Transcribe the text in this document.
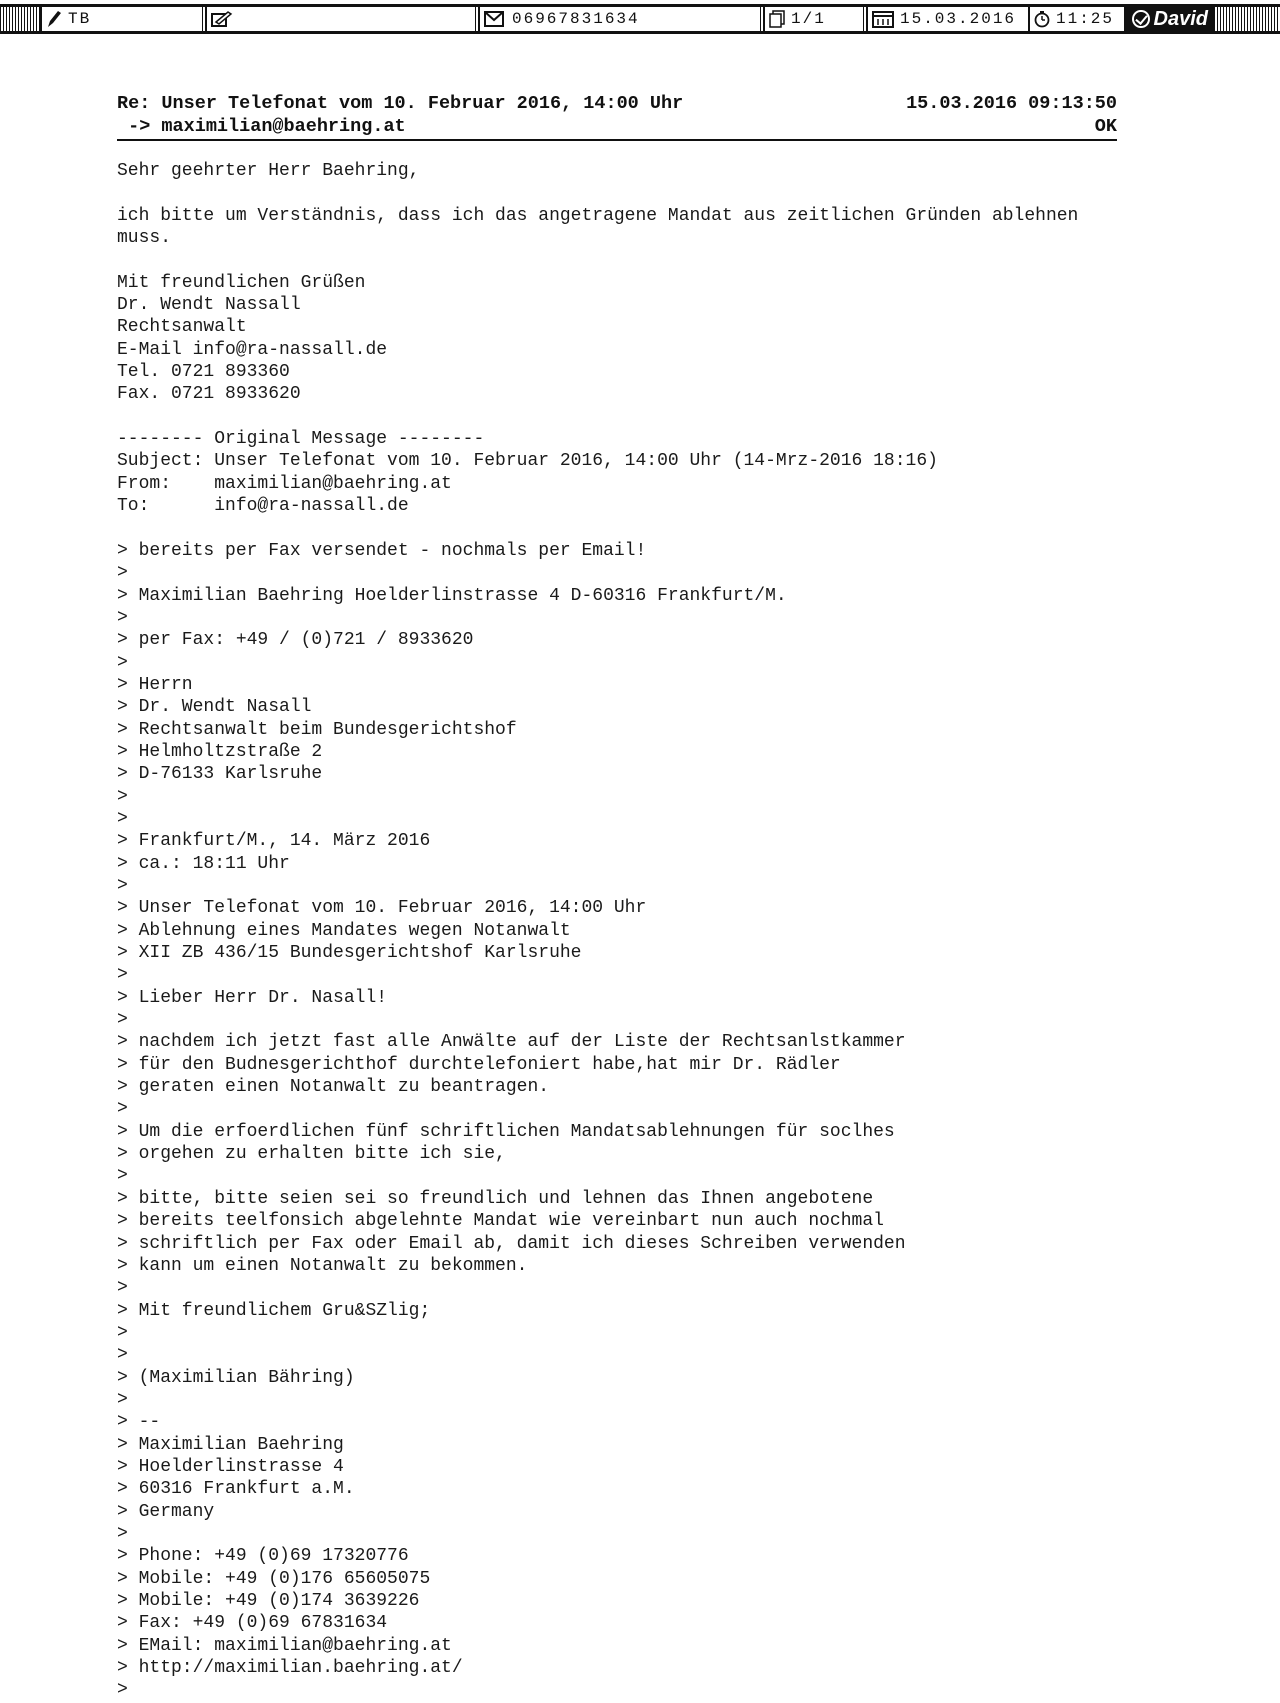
TB	06967831634	1/1	15.03.2016 11:25 David
Re: Unser Telefonat vom 10. Februar 2016, 14:00 Uhr	15.03.2016 09:13:50
-> maximilian@baehring.at	OK
Sehr geehrter Herr Baehring,
ich bitte um Verständnis, dass ich das angetragene Mandat aus zeitlichen Gründen ablehnen
muss.
Mit freundlichen Grüßen
Dr. Wendt Nassall
Rechtsanwalt
E-Mail info@ra-nassall.de
Tel. 0721 893360
Fax. 0721 8933620
-------- Original Message --------
Subject: Unser Telefonat vom 10. Februar 2016, 14:00 Uhr (14-Mrz-2016 18:16)
From:    maximilian@baehring.at
To:      info@ra-nassall.de
> bereits per Fax versendet - nochmals per Email!
>
> Maximilian Baehring Hoelderlinstrasse 4 D-60316 Frankfurt/M.
>
> per Fax: +49 / (0)721 / 8933620
>
> Herrn
> Dr. Wendt Nasall
> Rechtsanwalt beim Bundesgerichtshof
> Helmholtzstraße 2
> D-76133 Karlsruhe
>
>
> Frankfurt/M., 14. März 2016
> ca.: 18:11 Uhr
>
> Unser Telefonat vom 10. Februar 2016, 14:00 Uhr
> Ablehnung eines Mandates wegen Notanwalt
> XII ZB 436/15 Bundesgerichtshof Karlsruhe
>
> Lieber Herr Dr. Nasall!
>
> nachdem ich jetzt fast alle Anwälte auf der Liste der Rechtsanlstkammer
> für den Budnesgerichthof durchtelefoniert habe,hat mir Dr. Rädler
> geraten einen Notanwalt zu beantragen.
>
> Um die erfoerdlichen fünf schriftlichen Mandatsablehnungen für soclhes
> orgehen zu erhalten bitte ich sie,
>
> bitte, bitte seien sei so freundlich und lehnen das Ihnen angebotene
> bereits teelfonsich abgelehnte Mandat wie vereinbart nun auch nochmal
> schriftlich per Fax oder Email ab, damit ich dieses Schreiben verwenden
> kann um einen Notanwalt zu bekommen.
>
> Mit freundlichem Gru&SZlig;
>
>
> (Maximilian Bähring)
>
> --
> Maximilian Baehring
> Hoelderlinstrasse 4
> 60316 Frankfurt a.M.
> Germany
>
> Phone: +49 (0)69 17320776
> Mobile: +49 (0)176 65605075
> Mobile: +49 (0)174 3639226
> Fax: +49 (0)69 67831634
> EMail: maximilian@baehring.at
> http://maximilian.baehring.at/
>
